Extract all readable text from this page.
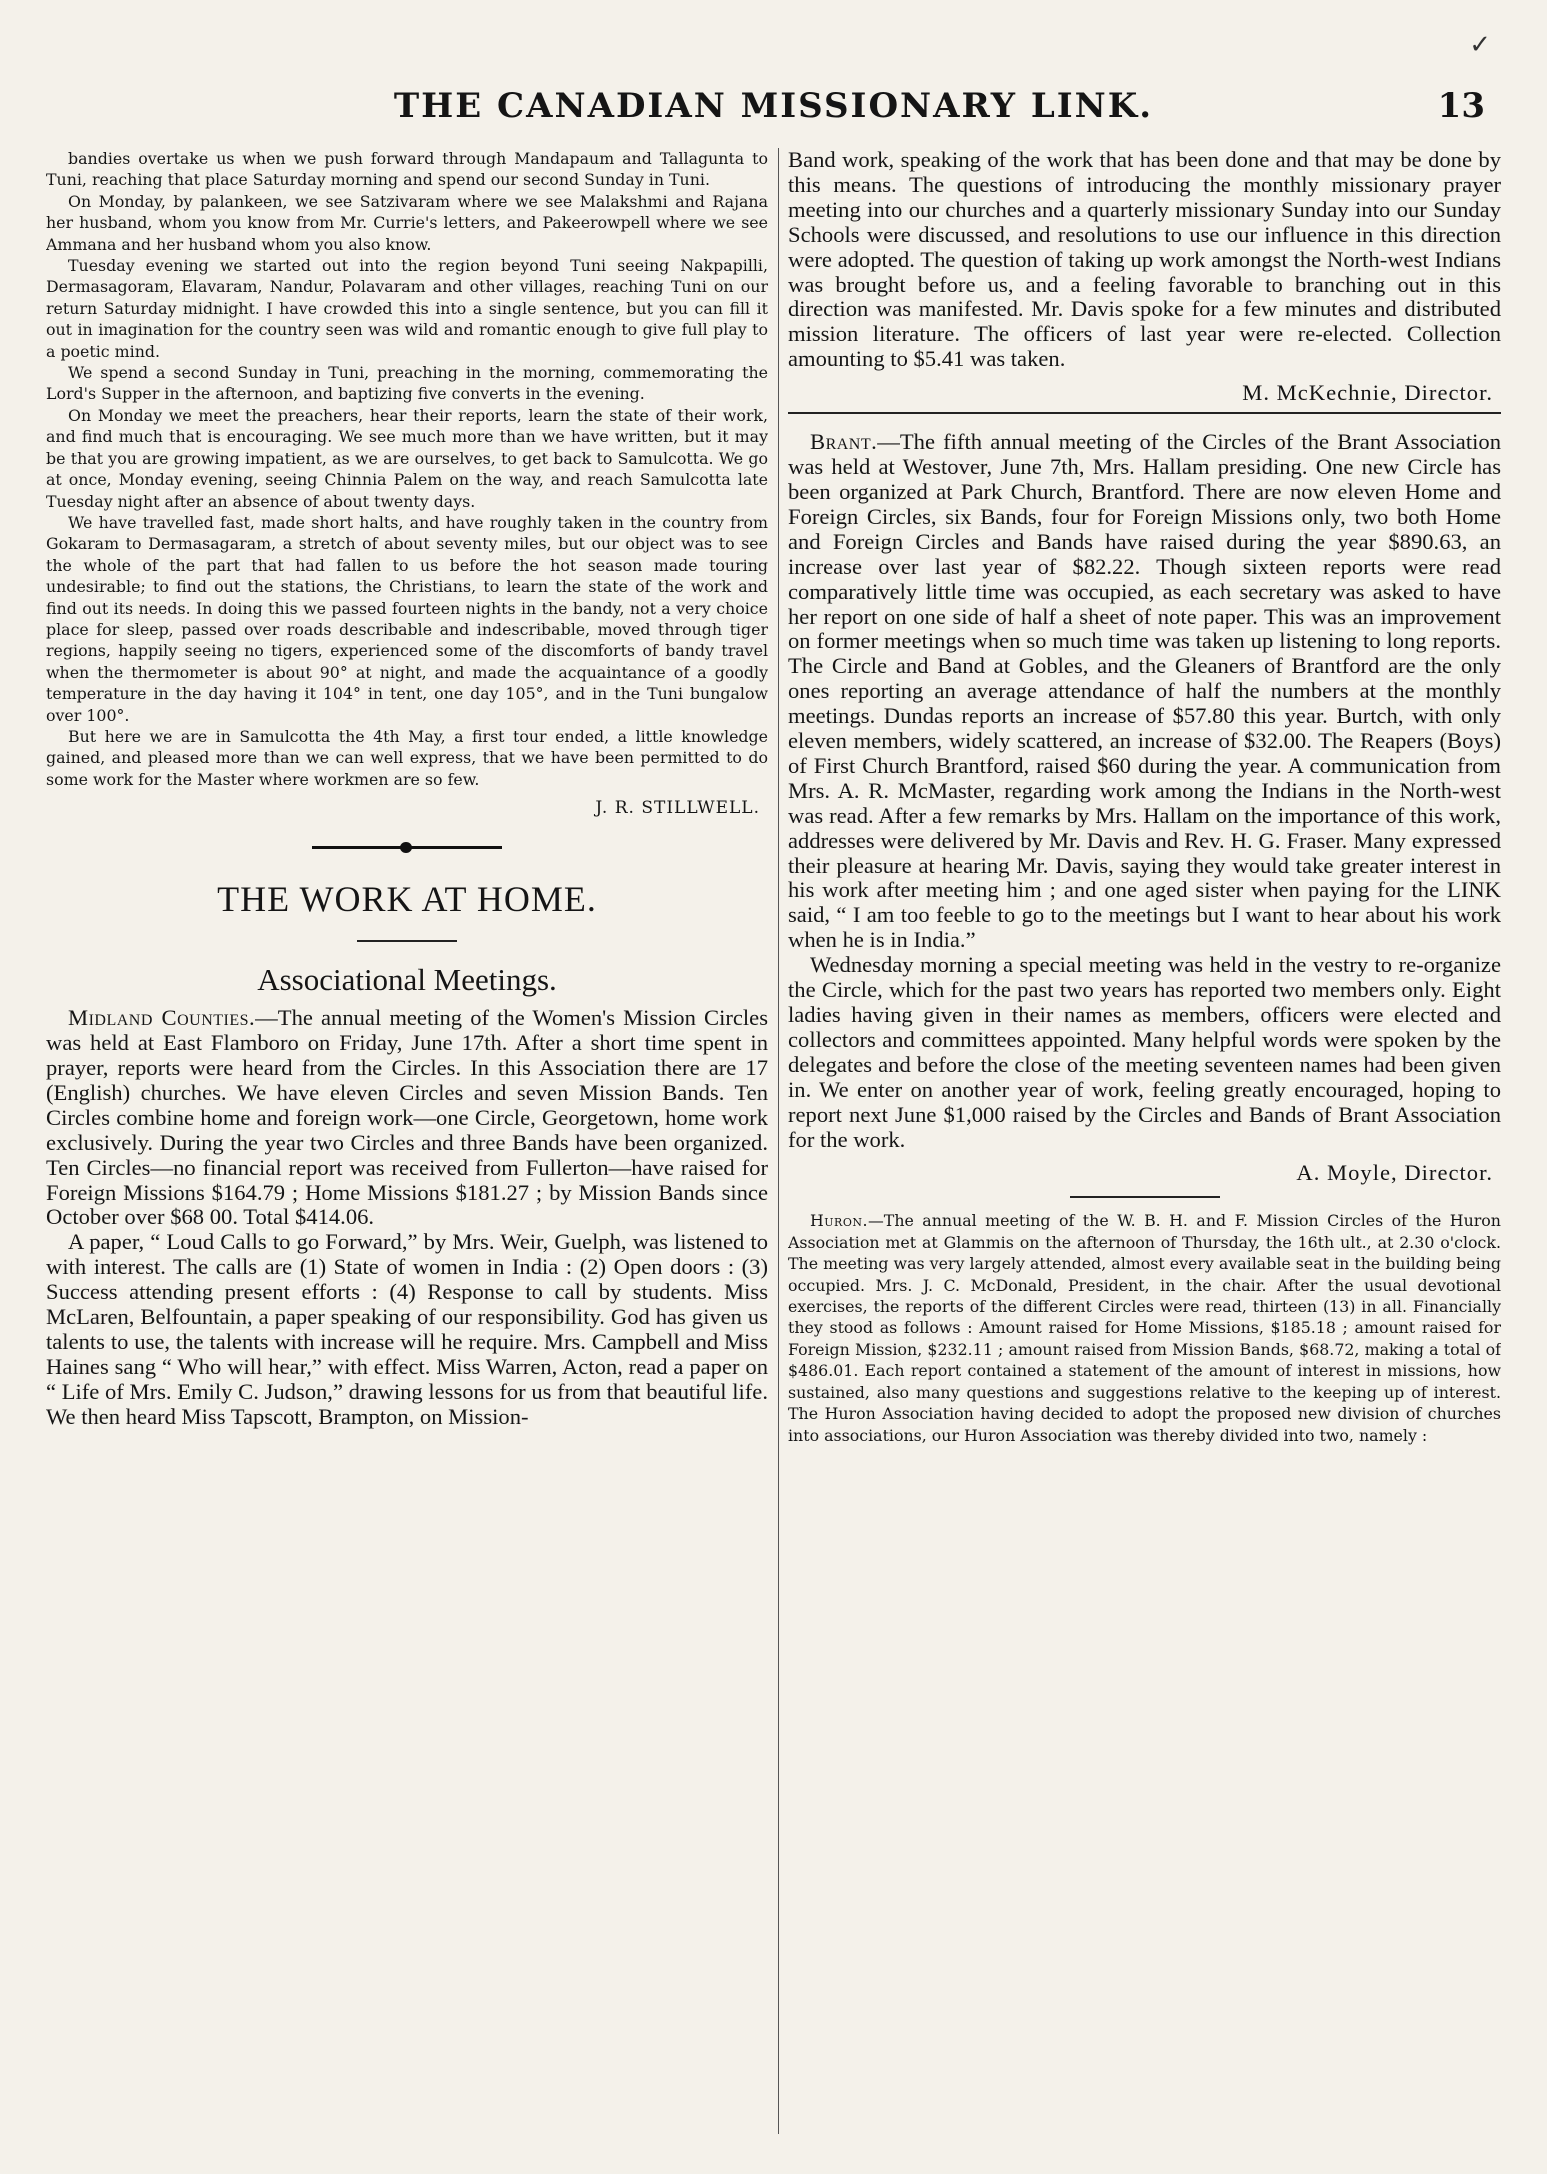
✓
THE CANADIAN MISSIONARY LINK.	13

bandies overtake us when we push forward through Mandapaum and Tallagunta to Tuni, reaching that place Saturday morning and spend our second Sunday in Tuni.

On Monday, by palankeen, we see Satzivaram where we see Malakshmi and Rajana her husband, whom you know from Mr. Currie's letters, and Pakeerowpell where we see Ammana and her husband whom you also know.

Tuesday evening we started out into the region beyond Tuni seeing Nakpapilli, Dermasagoram, Elavaram, Nandur, Polavaram and other villages, reaching Tuni on our return Saturday midnight. I have crowded this into a single sentence, but you can fill it out in imagination for the country seen was wild and romantic enough to give full play to a poetic mind.

We spend a second Sunday in Tuni, preaching in the morning, commemorating the Lord's Supper in the afternoon, and baptizing five converts in the evening.

On Monday we meet the preachers, hear their reports, learn the state of their work, and find much that is encouraging. We see much more than we have written, but it may be that you are growing impatient, as we are ourselves, to get back to Samulcotta. We go at once, Monday evening, seeing Chinnia Palem on the way, and reach Samulcotta late Tuesday night after an absence of about twenty days.

We have travelled fast, made short halts, and have roughly taken in the country from Gokaram to Dermasagaram, a stretch of about seventy miles, but our object was to see the whole of the part that had fallen to us before the hot season made touring undesirable; to find out the stations, the Christians, to learn the state of the work and find out its needs. In doing this we passed fourteen nights in the bandy, not a very choice place for sleep, passed over roads describable and indescribable, moved through tiger regions, happily seeing no tigers, experienced some of the discomforts of bandy travel when the thermometer is about 90° at night, and made the acquaintance of a goodly temperature in the day having it 104° in tent, one day 105°, and in the Tuni bungalow over 100°.

But here we are in Samulcotta the 4th May, a first tour ended, a little knowledge gained, and pleased more than we can well express, that we have been permitted to do some work for the Master where workmen are so few.

J. R. STILLWELL.
THE WORK AT HOME.
Associational Meetings.

Midland Counties.—The annual meeting of the Women's Mission Circles was held at East Flamboro on Friday, June 17th. After a short time spent in prayer, reports were heard from the Circles. In this Association there are 17 (English) churches. We have eleven Circles and seven Mission Bands. Ten Circles combine home and foreign work—one Circle, Georgetown, home work exclusively. During the year two Circles and three Bands have been organized. Ten Circles—no financial report was received from Fullerton—have raised for Foreign Missions $164.79 ; Home Missions $181.27 ; by Mission Bands since October over $68 00. Total $414.06.

A paper, “ Loud Calls to go Forward,” by Mrs. Weir, Guelph, was listened to with interest. The calls are (1) State of women in India : (2) Open doors : (3) Success attending present efforts : (4) Response to call by students. Miss McLaren, Belfountain, a paper speaking of our responsibility. God has given us talents to use, the talents with increase will he require. Mrs. Campbell and Miss Haines sang “ Who will hear,” with effect. Miss Warren, Acton, read a paper on “ Life of Mrs. Emily C. Judson,” drawing lessons for us from that beautiful life. We then heard Miss Tapscott, Brampton, on Mission-

Band work, speaking of the work that has been done and that may be done by this means. The questions of introducing the monthly missionary prayer meeting into our churches and a quarterly missionary Sunday into our Sunday Schools were discussed, and resolutions to use our influence in this direction were adopted. The question of taking up work amongst the North-west Indians was brought before us, and a feeling favorable to branching out in this direction was manifested. Mr. Davis spoke for a few minutes and distributed mission literature. The officers of last year were re-elected. Collection amounting to $5.41 was taken.

M. McKechnie, Director.

Brant.—The fifth annual meeting of the Circles of the Brant Association was held at Westover, June 7th, Mrs. Hallam presiding. One new Circle has been organized at Park Church, Brantford. There are now eleven Home and Foreign Circles, six Bands, four for Foreign Missions only, two both Home and Foreign Circles and Bands have raised during the year $890.63, an increase over last year of $82.22. Though sixteen reports were read comparatively little time was occupied, as each secretary was asked to have her report on one side of half a sheet of note paper. This was an improvement on former meetings when so much time was taken up listening to long reports. The Circle and Band at Gobles, and the Gleaners of Brantford are the only ones reporting an average attendance of half the numbers at the monthly meetings. Dundas reports an increase of $57.80 this year. Burtch, with only eleven members, widely scattered, an increase of $32.00. The Reapers (Boys) of First Church Brantford, raised $60 during the year. A communication from Mrs. A. R. McMaster, regarding work among the Indians in the North-west was read. After a few remarks by Mrs. Hallam on the importance of this work, addresses were delivered by Mr. Davis and Rev. H. G. Fraser. Many expressed their pleasure at hearing Mr. Davis, saying they would take greater interest in his work after meeting him ; and one aged sister when paying for the LINK said, “ I am too feeble to go to the meetings but I want to hear about his work when he is in India.”

Wednesday morning a special meeting was held in the vestry to re-organize the Circle, which for the past two years has reported two members only. Eight ladies having given in their names as members, officers were elected and collectors and committees appointed. Many helpful words were spoken by the delegates and before the close of the meeting seventeen names had been given in. We enter on another year of work, feeling greatly encouraged, hoping to report next June $1,000 raised by the Circles and Bands of Brant Association for the work.

A. Moyle, Director.

Huron.—The annual meeting of the W. B. H. and F. Mission Circles of the Huron Association met at Glammis on the afternoon of Thursday, the 16th ult., at 2.30 o'clock. The meeting was very largely attended, almost every available seat in the building being occupied. Mrs. J. C. McDonald, President, in the chair. After the usual devotional exercises, the reports of the different Circles were read, thirteen (13) in all. Financially they stood as follows : Amount raised for Home Missions, $185.18 ; amount raised for Foreign Mission, $232.11 ; amount raised from Mission Bands, $68.72, making a total of $486.01. Each report contained a statement of the amount of interest in missions, how sustained, also many questions and suggestions relative to the keeping up of interest. The Huron Association having decided to adopt the proposed new division of churches into associations, our Huron Association was thereby divided into two, namely :
